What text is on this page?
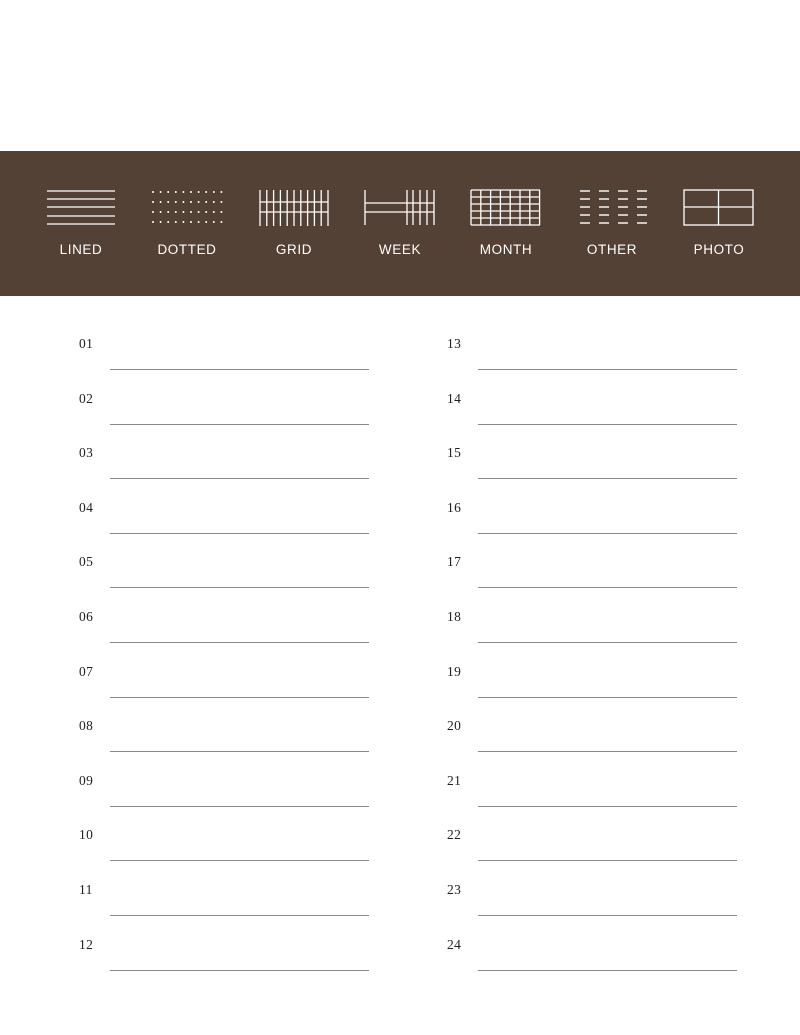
LINED	DOTTED	GRID	WEEK	MONTH	OTHER	PHOTO
01
02
03
04
05
06
07
08
09
10
11
12
13
14
15
16
17
18
19
20
21
22
23
24
